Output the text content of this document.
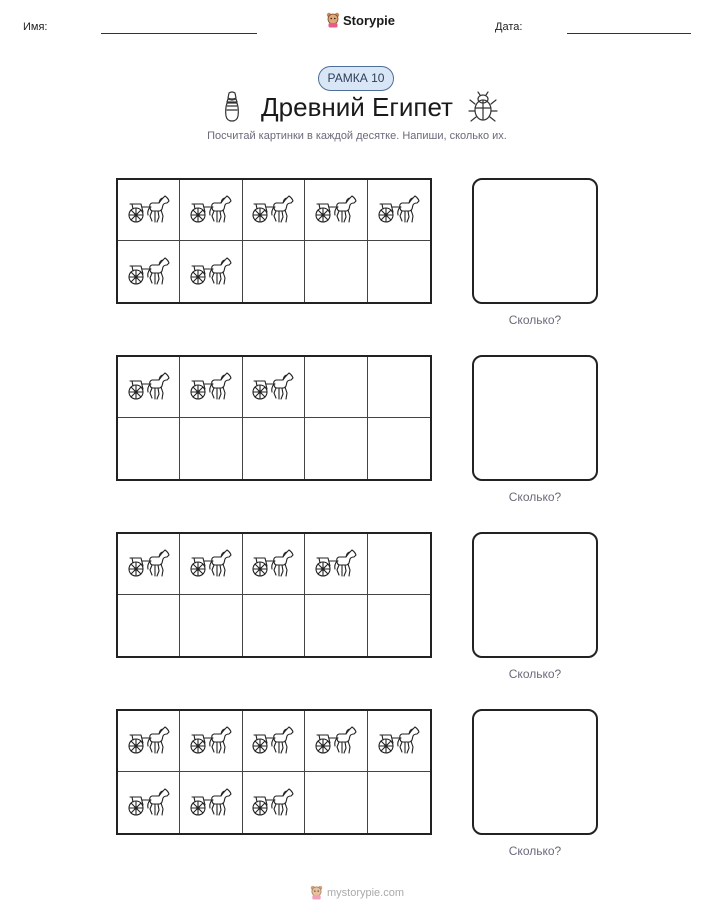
Имя:	Storypie	Дата:
РАМКА 10
Древний Египет
Посчитай картинки в каждой десятке. Напиши, сколько их.
Сколько?
Сколько?
Сколько?
Сколько?
mystorypie.com
